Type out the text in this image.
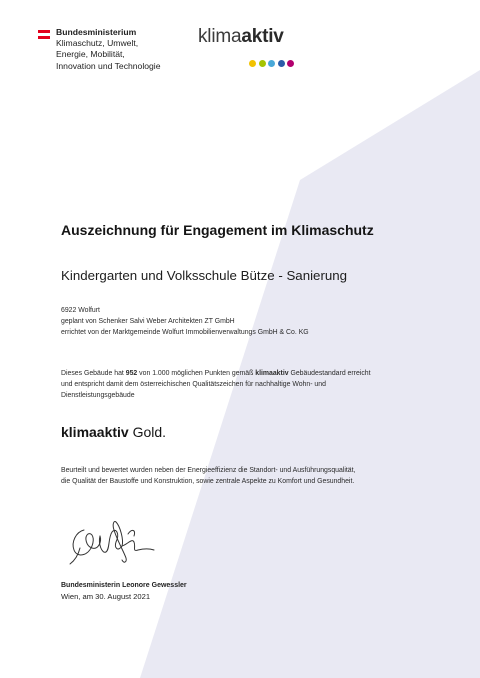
Bundesministerium
Klimaschutz, Umwelt,
Energie, Mobilität,
Innovation und Technologie
klimaaktiv
Auszeichnung für Engagement im Klimaschutz
Kindergarten und Volksschule Bütze - Sanierung
6922 Wolfurt
geplant von Schenker Salvi Weber Architekten ZT GmbH
errichtet von der Marktgemeinde Wolfurt Immobilienverwaltungs GmbH & Co. KG
Dieses Gebäude hat 952 von 1.000 möglichen Punkten gemäß klimaaktiv Gebäudestandard erreicht
und entspricht damit dem österreichischen Qualitätszeichen für nachhaltige Wohn- und
Dienstleistungsgebäude
klimaaktiv Gold.
Beurteilt und bewertet wurden neben der Energieeffizienz die Standort- und Ausführungsqualität,
die Qualität der Baustoffe und Konstruktion, sowie zentrale Aspekte zu Komfort und Gesundheit.
Bundesministerin Leonore Gewessler
Wien, am 30. August 2021
